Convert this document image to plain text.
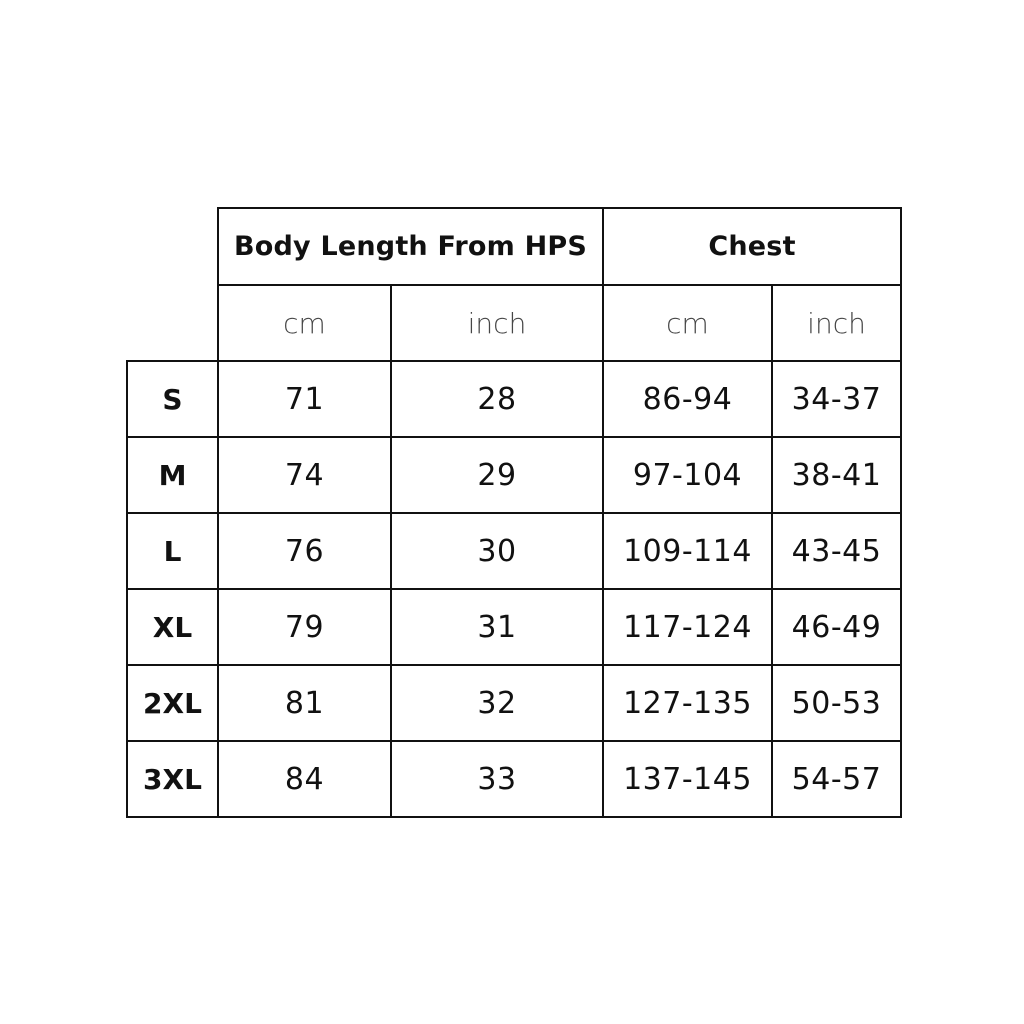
	Body Length From HPS		Chest	
	cm	inch	cm	inch
S	71	28	86-94	34-37
M	74	29	97-104	38-41
L	76	30	109-114	43-45
XL	79	31	117-124	46-49
2XL	81	32	127-135	50-53
3XL	84	33	137-145	54-57
